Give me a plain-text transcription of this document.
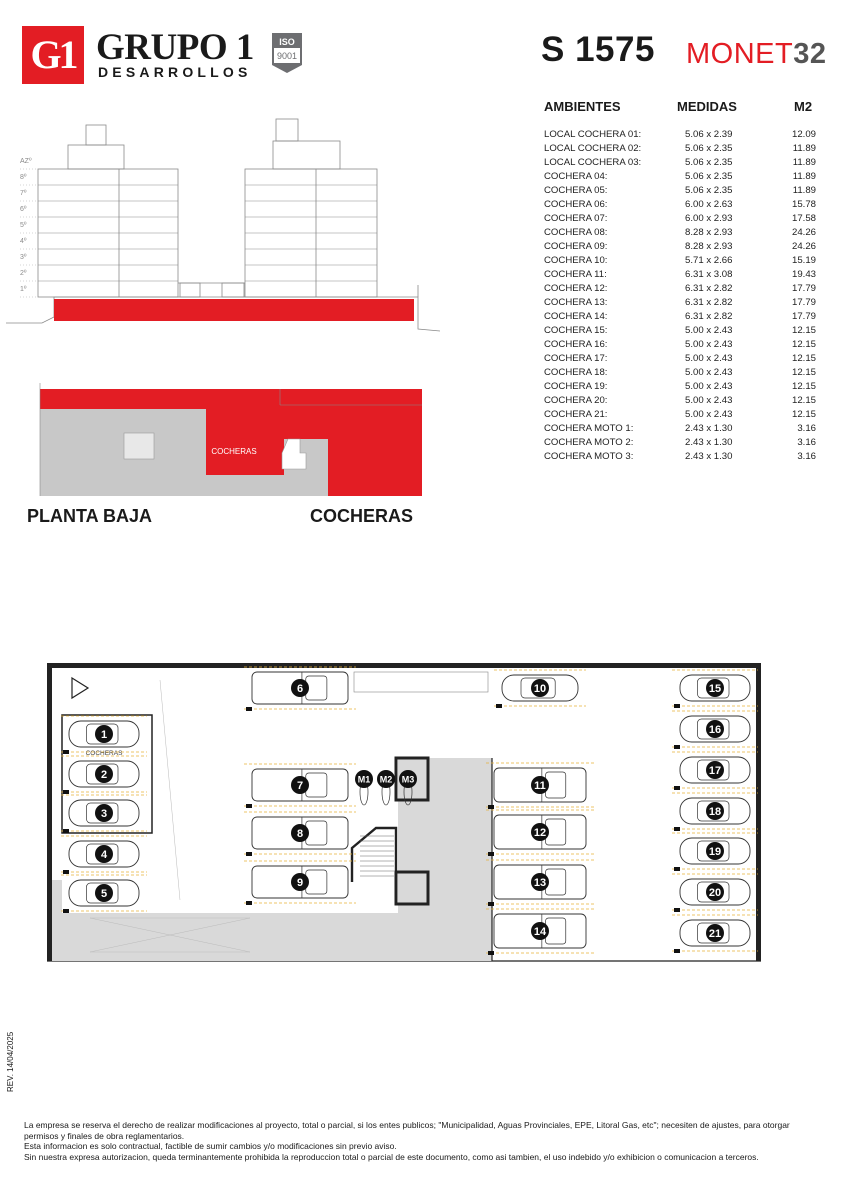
G1 GRUPO 1
DESARROLLOS
ISO
9001	S 1575 MONET32
AMBIENTES	MEDIDAS	M2
LOCAL COCHERA 01:	5.06 x 2.39	12.09
LOCAL COCHERA 02:	5.06 x 2.35	11.89
LOCAL COCHERA 03:	5.06 x 2.35	11.89
COCHERA 04:	5.06 x 2.35	11.89
COCHERA 05:	5.06 x 2.35	11.89
COCHERA 06:	6.00 x 2.63	15.78
COCHERA 07:	6.00 x 2.93	17.58
COCHERA 08:	8.28 x 2.93	24.26
COCHERA 09:	8.28 x 2.93	24.26
COCHERA 10:	5.71 x 2.66	15.19
COCHERA 11:	6.31 x 3.08	19.43
COCHERA 12:	6.31 x 2.82	17.79
COCHERA 13:	6.31 x 2.82	17.79
COCHERA 14:	6.31 x 2.82	17.79
COCHERA 15:	5.00 x 2.43	12.15
COCHERA 16:	5.00 x 2.43	12.15
COCHERA 17:	5.00 x 2.43	12.15
COCHERA 18:	5.00 x 2.43	12.15
COCHERA 19:	5.00 x 2.43	12.15
COCHERA 20:	5.00 x 2.43	12.15
COCHERA 21:	5.00 x 2.43	12.15
COCHERA MOTO 1:	2.43 x 1.30	3.16
COCHERA MOTO 2:	2.43 x 1.30	3.16
COCHERA MOTO 3:	2.43 x 1.30	3.16
AZº
8º
7º
6º
5º
4º
3º
2º
1º
COCHERAS
PLANTA BAJA	COCHERAS
COCHERAS
1
2
3
4
5
6
7
8
9
10
11
12
13
14
15
16
17
18
19
20
21
M1 M2 M3
REV. 14/04/2025

La empresa se reserva el derecho de realizar modificaciones al proyecto, total o parcial, si los entes publicos; "Municipalidad, Aguas Provinciales, EPE, Litoral Gas, etc"; necesiten de ajustes, para otorgar permisos y finales de obra reglamentarios.

Esta informacion es solo contractual, factible de sumir cambios y/o modificaciones sin previo aviso.

Sin nuestra expresa autorizacion, queda terminantemente prohibida la reproduccion total o parcial de este documento, como asi tambien, el uso indebido y/o exhibicion o comunicacion a terceros.
